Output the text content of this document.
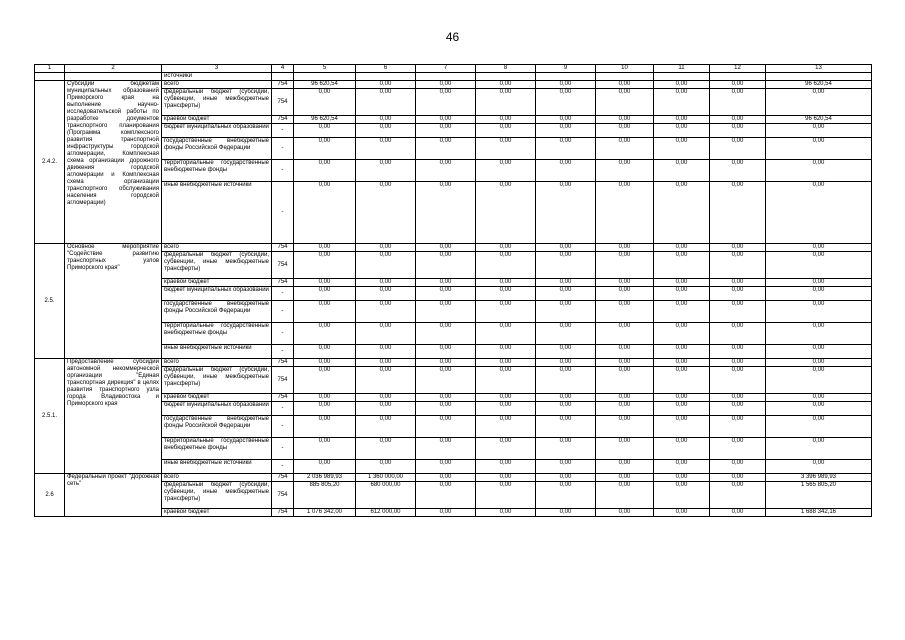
46
1	2	3	4	5	6	7	8	9	10	11	12	13
		источники										
2.4.2.	Субсидии бюджетам муниципальных образований Приморского края на выполнение научно-исследовательской работы по разработке документов транспортного планирования (Программа комплексного развития транспортной инфраструктуры городской агломерации, Комплексная схема организации дорожного движения городской агломерации и Комплексная схема организации транспортного обслуживания населения городской агломерации)	всего	754	96 620,54	0,00	0,00	0,00	0,00	0,00	0,00	0,00	96 620,54
		федеральный бюджет (субсидии, субвенции, иные межбюджетные трансферты)	754	0,00	0,00	0,00	0,00	0,00	0,00	0,00	0,00	0,00
		краевой бюджет	754	96 620,54	0,00	0,00	0,00	0,00	0,00	0,00	0,00	96 620,54
		бюджет муниципальных образований	-	0,00	0,00	0,00	0,00	0,00	0,00	0,00	0,00	0,00
		государственные внебюджетные фонды Российской Федерации	-	0,00	0,00	0,00	0,00	0,00	0,00	0,00	0,00	0,00
		территориальные государственные внебюджетные фонды	-	0,00	0,00	0,00	0,00	0,00	0,00	0,00	0,00	0,00
		иные внебюджетные источники	-	0,00	0,00	0,00	0,00	0,00	0,00	0,00	0,00	0,00
2.5.	Основное мероприятие "Содействие развитию транспортных узлов Приморского края"	всего	754	0,00	0,00	0,00	0,00	0,00	0,00	0,00	0,00	0,00
		федеральный бюджет (субсидии, субвенции, иные межбюджетные трансферты)	754	0,00	0,00	0,00	0,00	0,00	0,00	0,00	0,00	0,00
		краевой бюджет	754	0,00	0,00	0,00	0,00	0,00	0,00	0,00	0,00	0,00
		бюджет муниципальных образований	-	0,00	0,00	0,00	0,00	0,00	0,00	0,00	0,00	0,00
		государственные внебюджетные фонды Российской Федерации	-	0,00	0,00	0,00	0,00	0,00	0,00	0,00	0,00	0,00
		территориальные государственные внебюджетные фонды	-	0,00	0,00	0,00	0,00	0,00	0,00	0,00	0,00	0,00
		иные внебюджетные источники	-	0,00	0,00	0,00	0,00	0,00	0,00	0,00	0,00	0,00
2.5.1.	Предоставление субсидии автономной некоммерческой организации "Единая транспортная дирекция" в целях развития транспортного узла города Владивостока и Приморского края	всего	754	0,00	0,00	0,00	0,00	0,00	0,00	0,00	0,00	0,00
		федеральный бюджет (субсидии, субвенции, иные межбюджетные трансферты)	754	0,00	0,00	0,00	0,00	0,00	0,00	0,00	0,00	0,00
		краевой бюджет	754	0,00	0,00	0,00	0,00	0,00	0,00	0,00	0,00	0,00
		бюджет муниципальных образований	-	0,00	0,00	0,00	0,00	0,00	0,00	0,00	0,00	0,00
		государственные внебюджетные фонды Российской Федерации	-	0,00	0,00	0,00	0,00	0,00	0,00	0,00	0,00	0,00
		территориальные государственные внебюджетные фонды	-	0,00	0,00	0,00	0,00	0,00	0,00	0,00	0,00	0,00
		иные внебюджетные источники	-	0,00	0,00	0,00	0,00	0,00	0,00	0,00	0,00	0,00
2.6	Федеральный проект "Дорожная сеть"	всего	754	2 036 989,93	1 360 000,00	0,00	0,00	0,00	0,00	0,00	0,00	3 396 989,93
		федеральный бюджет (субсидии, субвенции, иные межбюджетные трансферты)	754	885 805,20	680 000,00	0,00	0,00	0,00	0,00	0,00	0,00	1 565 805,20
		краевой бюджет	754	1 076 342,00	612 000,00	0,00	0,00	0,00	0,00	0,00	0,00	1 688 342,16
